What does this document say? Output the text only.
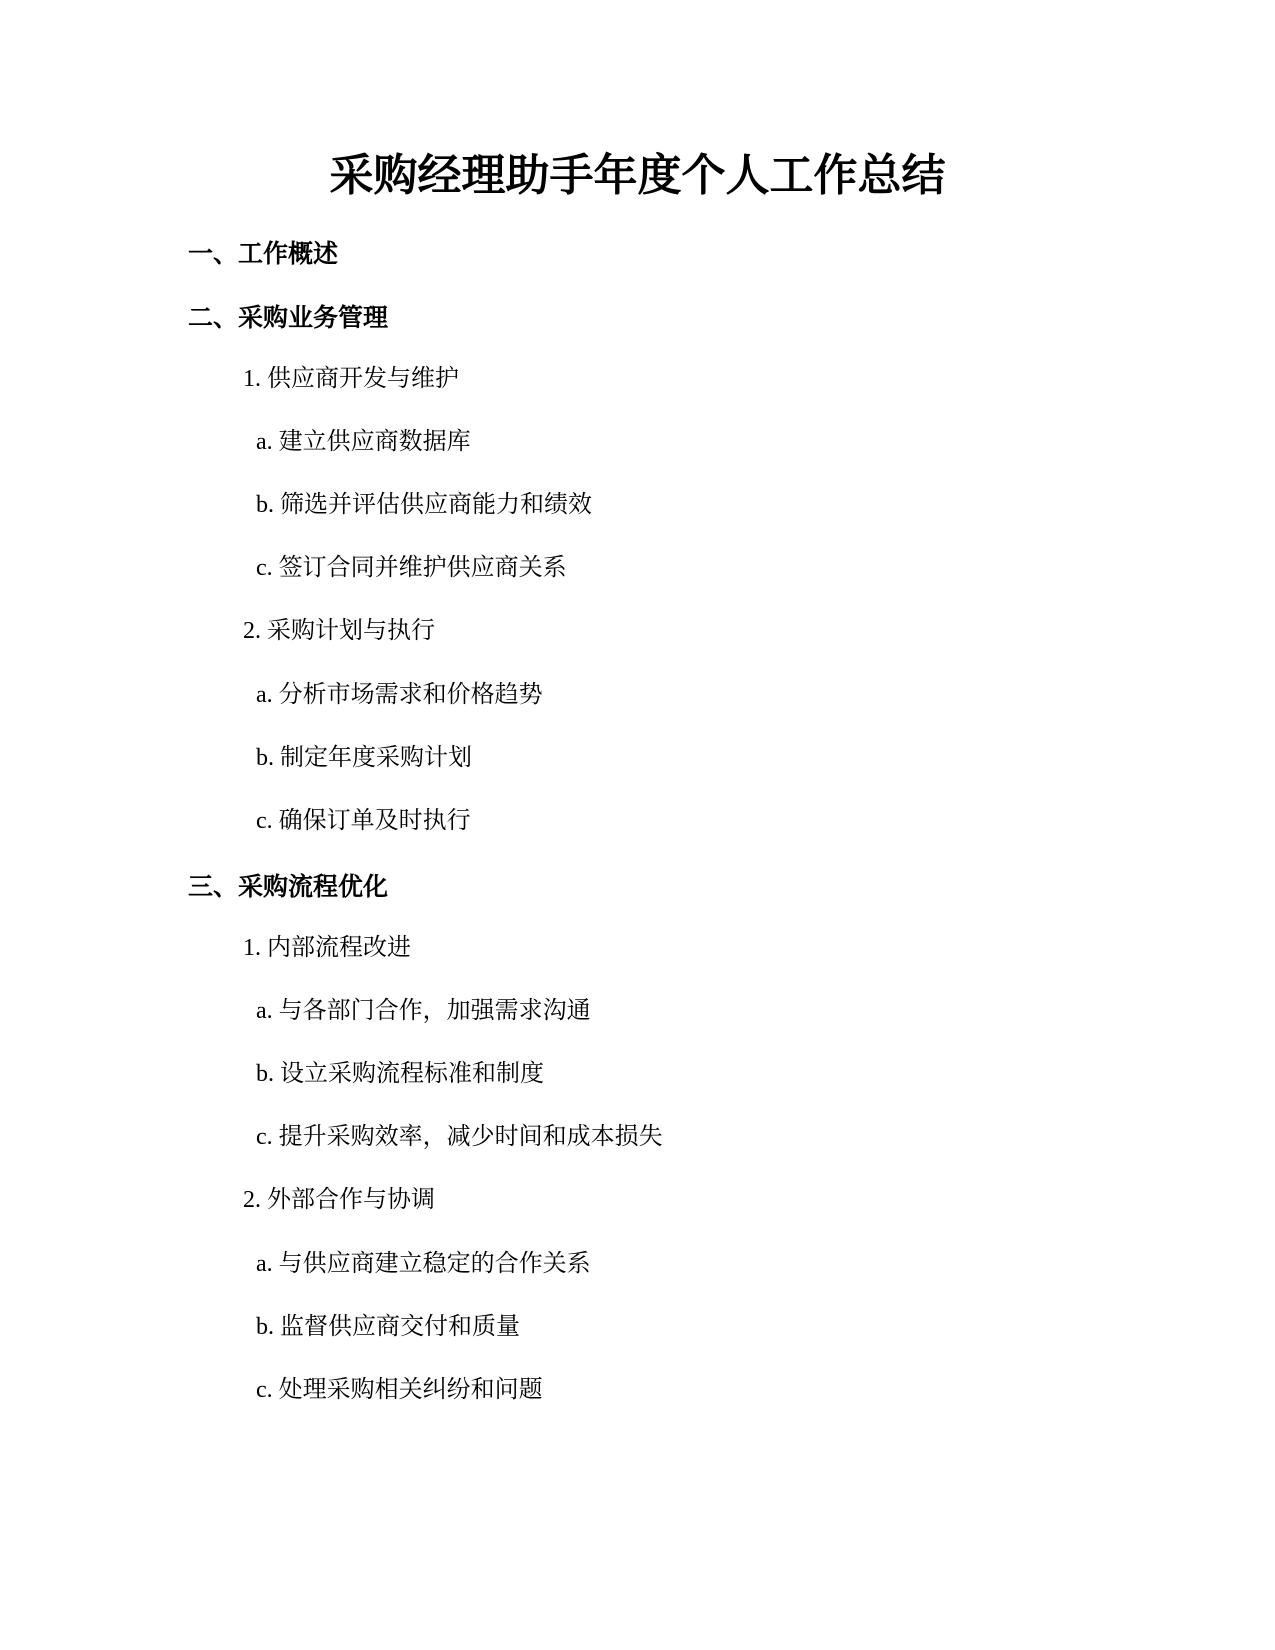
采购经理助手年度个人工作总结
一、工作概述
二、采购业务管理

1. 供应商开发与维护

a. 建立供应商数据库

b. 筛选并评估供应商能力和绩效

c. 签订合同并维护供应商关系

2. 采购计划与执行

a. 分析市场需求和价格趋势

b. 制定年度采购计划

c. 确保订单及时执行

三、采购流程优化

1. 内部流程改进

a. 与各部门合作，加强需求沟通

b. 设立采购流程标准和制度

c. 提升采购效率，减少时间和成本损失

2. 外部合作与协调

a. 与供应商建立稳定的合作关系

b. 监督供应商交付和质量

c. 处理采购相关纠纷和问题
